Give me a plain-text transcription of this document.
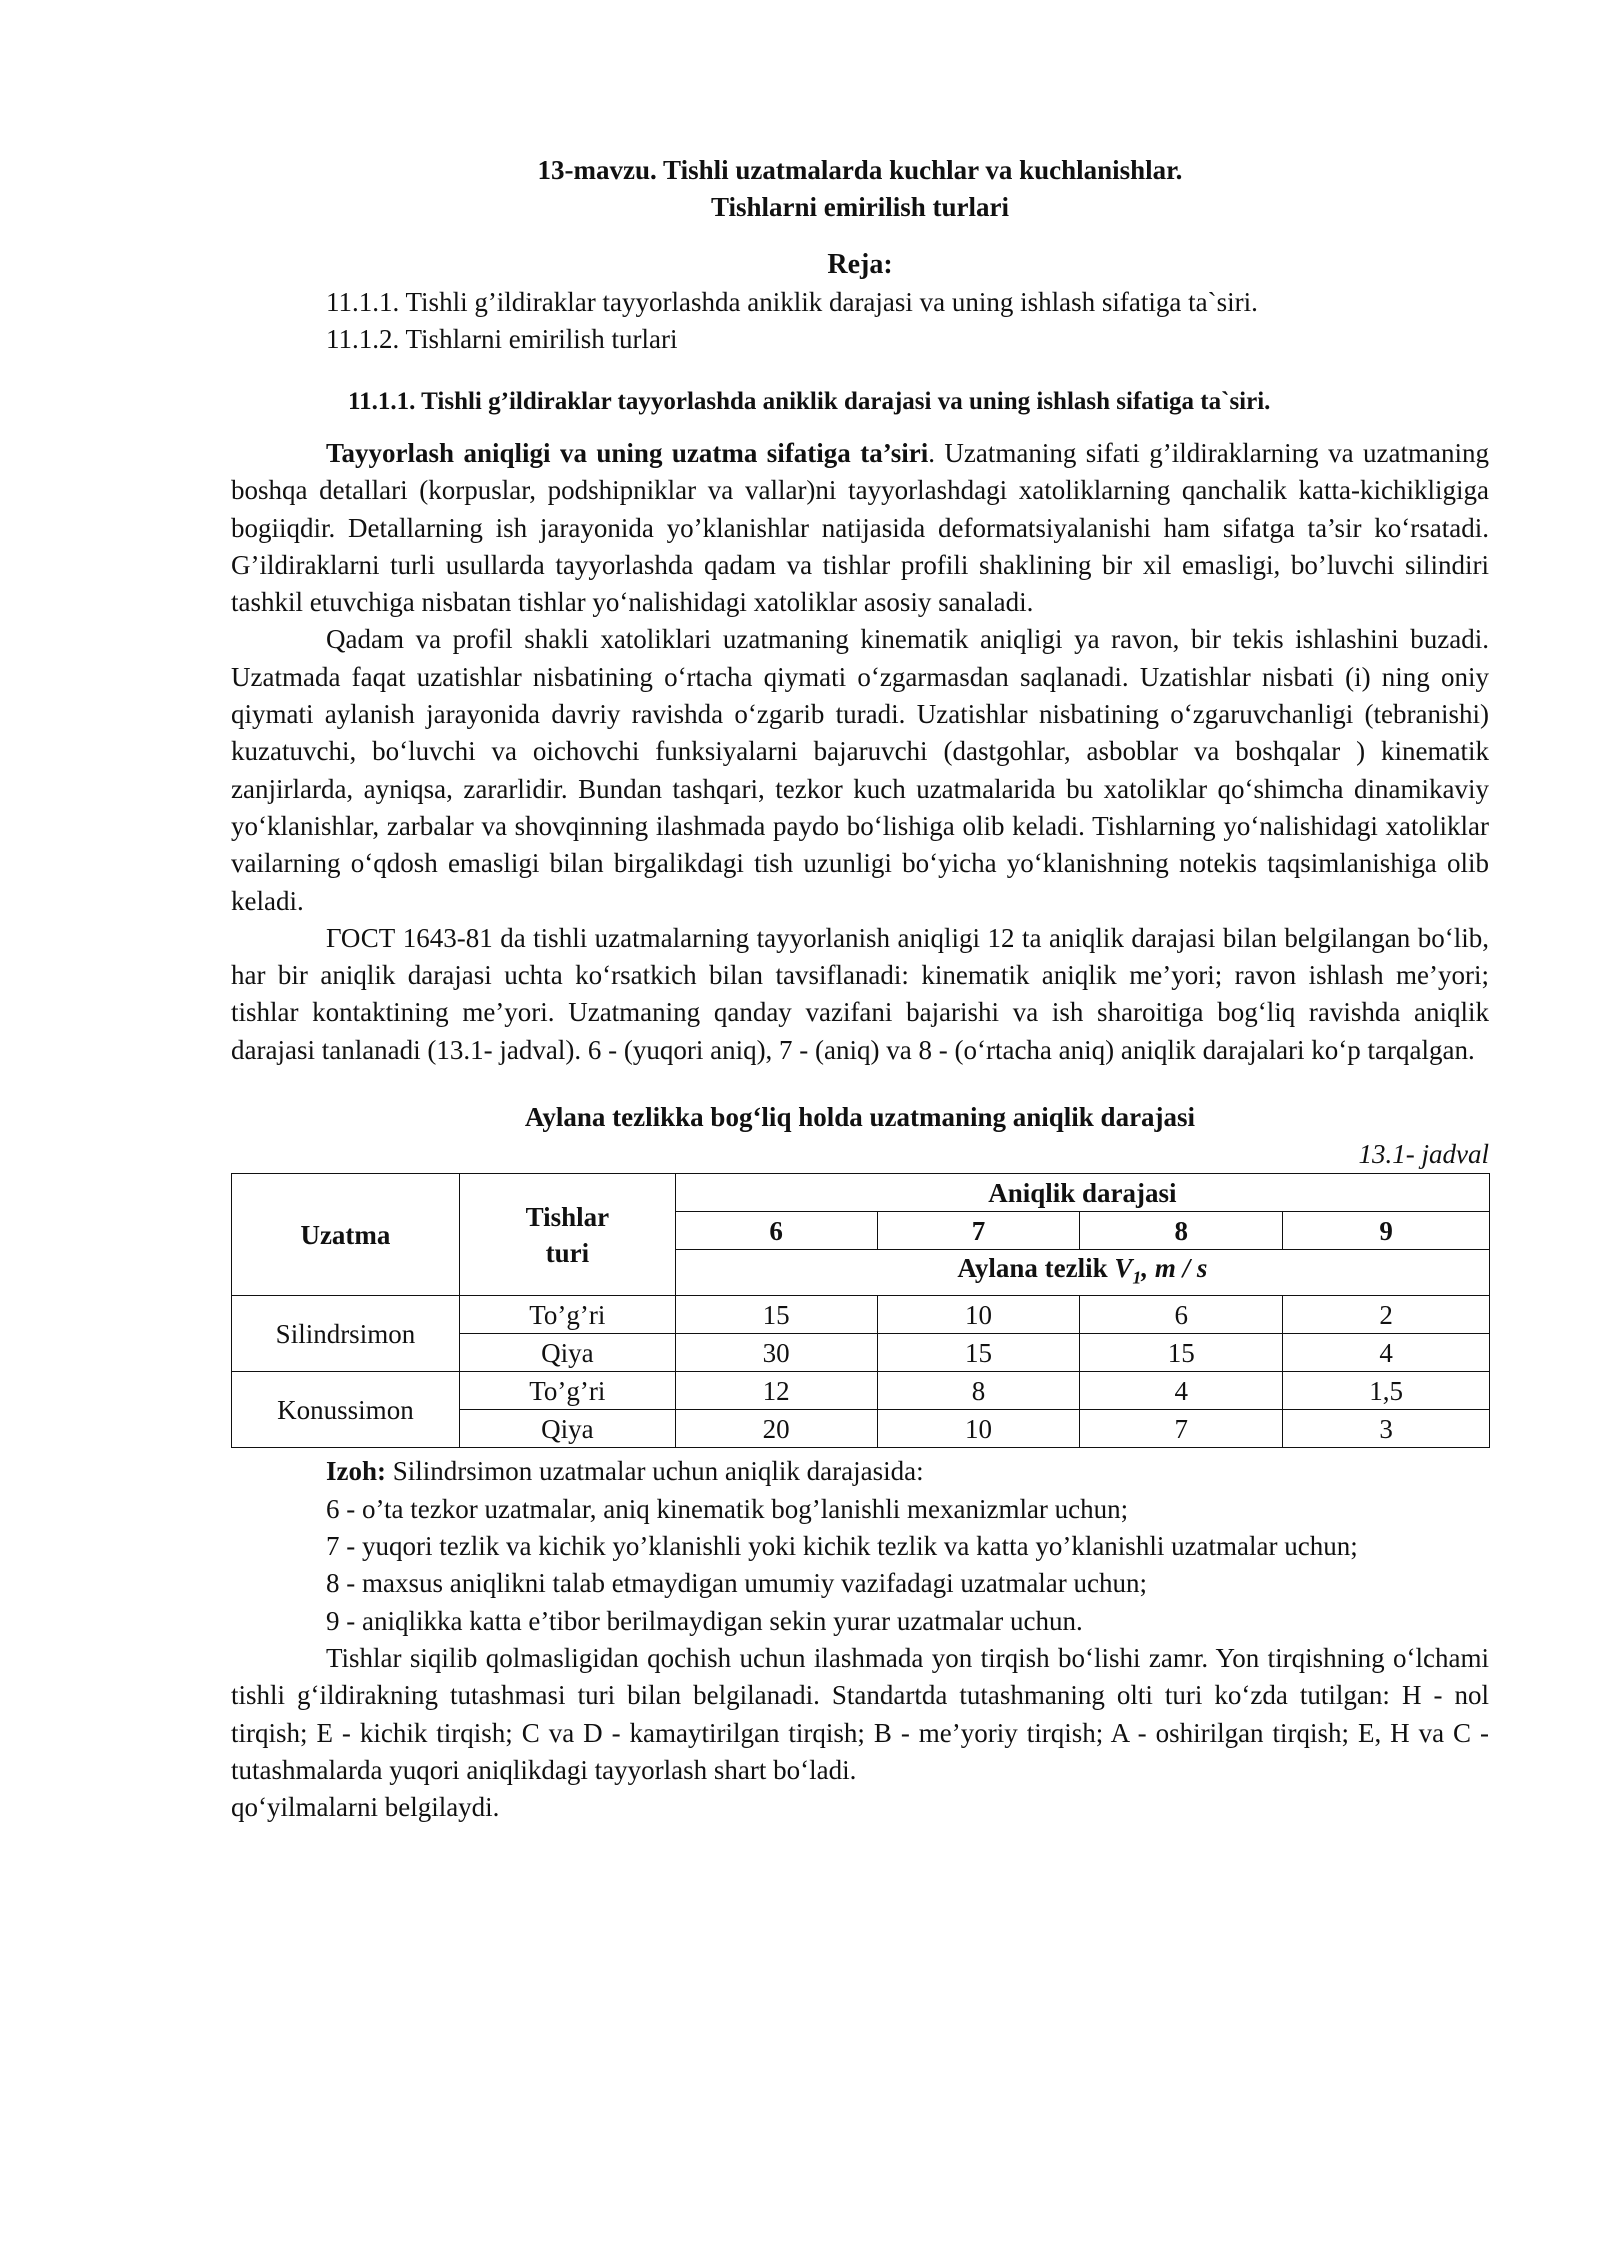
13-mavzu. Tishli uzatmalarda kuchlar va kuchlanishlar.
Tishlarni emirilish turlari
Reja:
11.1.1. Tishli g’ildiraklar tayyorlashda aniklik darajasi va uning ishlash sifatiga ta`siri.
11.1.2. Tishlarni emirilish turlari
11.1.1. Tishli g’ildiraklar tayyorlashda aniklik darajasi va uning ishlash sifatiga ta`siri.

Tayyorlash aniqligi va uning uzatma sifatiga ta’siri. Uzatmaning sifati g’ildiraklarning va uzatmaning boshqa detallari (korpuslar, podshipniklar va vallar)ni tayyorlashdagi xatoliklarning qanchalik katta-kichikligiga bogiiqdir. Detallarning ish jarayonida yo’klanishlar natijasida deformatsiyalanishi ham sifatga ta’sir ko‘rsatadi. G’ildiraklarni turli usullarda tayyorlashda qadam va tishlar profili shaklining bir xil emasligi, bo’luvchi silindiri tashkil etuvchiga nisbatan tishlar yo‘nalishidagi xatoliklar asosiy sanaladi.

Qadam va profil shakli xatoliklari uzatmaning kinematik aniqligi ya ravon, bir tekis ishlashini buzadi. Uzatmada faqat uzatishlar nisbatining o‘rtacha qiymati o‘zgarmasdan saqlanadi. Uzatishlar nisbati (i) ning oniy qiymati aylanish jarayonida davriy ravishda o‘zgarib turadi. Uzatishlar nisbatining o‘zgaruvchanligi (tebranishi) kuzatuvchi, bo‘luvchi va oichovchi funksiyalarni bajaruvchi (dastgohlar, asboblar va boshqalar ) kinematik zanjirlarda, ayniqsa, zararlidir. Bundan tashqari, tezkor kuch uzatmalarida bu xatoliklar qo‘shimcha dinamikaviy yo‘klanishlar, zarbalar va shovqinning ilashmada paydo bo‘lishiga olib keladi. Tishlarning yo‘nalishidagi xatoliklar vailarning o‘qdosh emasligi bilan birgalikdagi tish uzunligi bo‘yicha yo‘klanishning notekis taqsimlanishiga olib keladi.

ГОСТ 1643-81 da tishli uzatmalarning tayyorlanish aniqligi 12 ta aniqlik darajasi bilan belgilangan bo‘lib, har bir aniqlik darajasi uchta ko‘rsatkich bilan tavsiflanadi: kinematik aniqlik me’yori; ravon ishlash me’yori; tishlar kontaktining me’yori. Uzatmaning qanday vazifani bajarishi va ish sharoitiga bog‘liq ravishda aniqlik darajasi tanlanadi (13.1- jadval). 6 - (yuqori aniq), 7 - (aniq) va 8 - (o‘rtacha aniq) aniqlik darajalari ko‘p tarqalgan.

Aylana tezlikka bog‘liq holda uzatmaning aniqlik darajasi
13.1- jadval
Uzatma	Tishlar turi	Aniqlik darajasi			
		6	7	8	9
		Aylana tezlik $V_1$, m / s			
Silindrsimon	To’g’ri	15	10	6	2
	Qiya	30	15	15	4
Konussimon	To’g’ri	12	8	4	1,5
	Qiya	20	10	7	3

Izoh: Silindrsimon uzatmalar uchun aniqlik darajasida:

6 - o’ta tezkor uzatmalar, aniq kinematik bog’lanishli mexanizmlar uchun;

7 - yuqori tezlik va kichik yo’klanishli yoki kichik tezlik va katta yo’klanishli uzatmalar uchun;

8 - maxsus aniqlikni talab etmaydigan umumiy vazifadagi uzatmalar uchun;

9 - aniqlikka katta e’tibor berilmaydigan sekin yurar uzatmalar uchun.

Tishlar siqilib qolmasligidan qochish uchun ilashmada yon tirqish bo‘lishi zamr. Yon tirqishning o‘lchami tishli g‘ildirakning tutashmasi turi bilan belgilanadi. Standartda tutashmaning olti turi ko‘zda tutilgan: H - nol tirqish; E - kichik tirqish; C va D - kamaytirilgan tirqish; B - me’yoriy tirqish; A - oshirilgan tirqish; E, H va C - tutashmalarda yuqori aniqlikdagi tayyorlash shart bo‘ladi.

qo‘yilmalarni belgilaydi.
